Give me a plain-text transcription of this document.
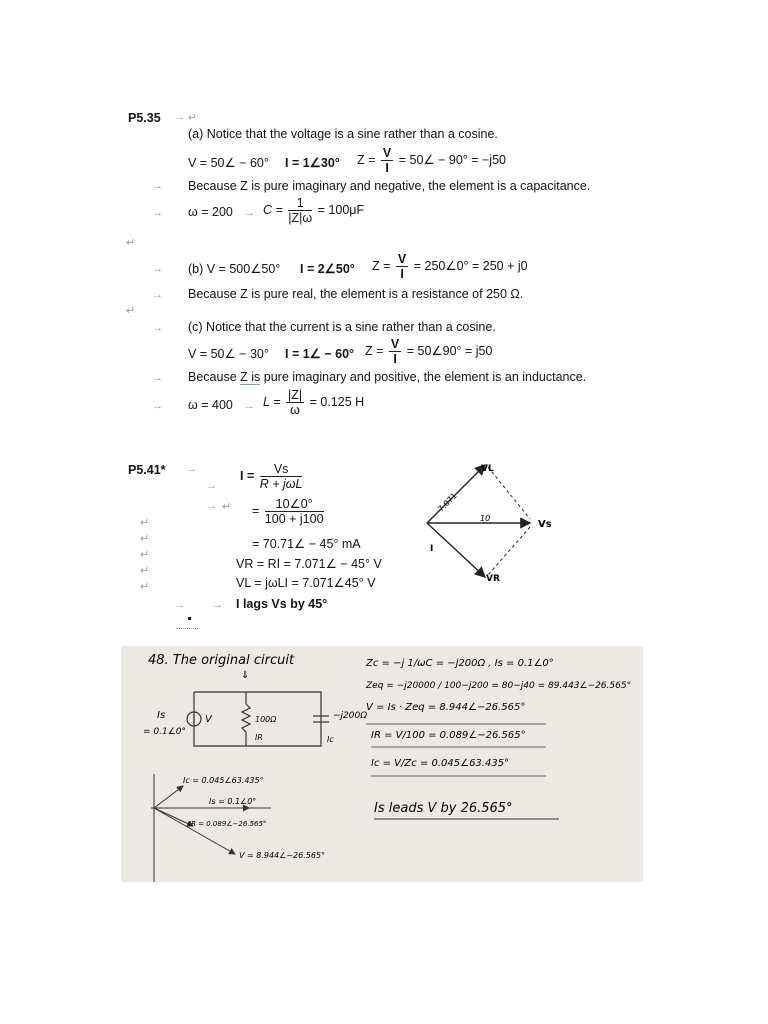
P5.35 → ↵
(a) Notice that the voltage is a sine rather than a cosine.
V = 50∠ − 60° I = 1∠30° $Z = \frac{V}{I}$ = 50∠ − 90° = −j50
→ Because Z is pure imaginary and negative, the element is a capacitance.
→ $\omega = 200 \to C = \frac{1}{|Z|\omega} = 100\mu F$
↵
→ (b) V = 500∠50° I = 2∠50° $Z = \frac{V}{I}$ = 250∠0° = 250 + j0
→ Because Z is pure real, the element is a resistance of 250 Ω.
↵
→ (c) Notice that the current is a sine rather than a cosine.
V = 50∠ − 30° I = 1∠ − 60° $Z = \frac{V}{I}$ = 50∠90° = j50
→ Because Z is pure imaginary and positive, the element is an inductance.
→ $\omega = 400 \to L = \frac{|Z|}{\omega} = 0.125$ H
P5.41* →	$I = \frac{Vs}{\text{R + jωL}}$
→
→ ↵ = $\frac{10\angle 0^\circ}{100 + j100}$
= 70.71∠ − 45° mA
VR = RI = 7.071∠ − 45° V
VL = jωLI = 7.071∠45° V
→ → I lags Vs by 45°
↵
↵
↵
↵
↵
VL
Vs
VR
I
7.071
10
48. The original circuit
⇓
Is
= 0.1∠0°
V	100Ω
IR
−j200Ω
Ic
Ic = 0.045∠63.435°
Is = 0.1∠0°
IR = 0.089∠−26.565°
V = 8.944∠−26.565°
Zc = −j 1/ωC = −j200Ω , Is = 0.1∠0°
Zeq = −j20000 / 100−j200 = 80−j40 = 89.443∠−26.565°
V = Is · Zeq = 8.944∠−26.565°
IR = V/100 = 0.089∠−26.565°
Ic = V/Zc = 0.045∠63.435°
Is leads V by 26.565°
